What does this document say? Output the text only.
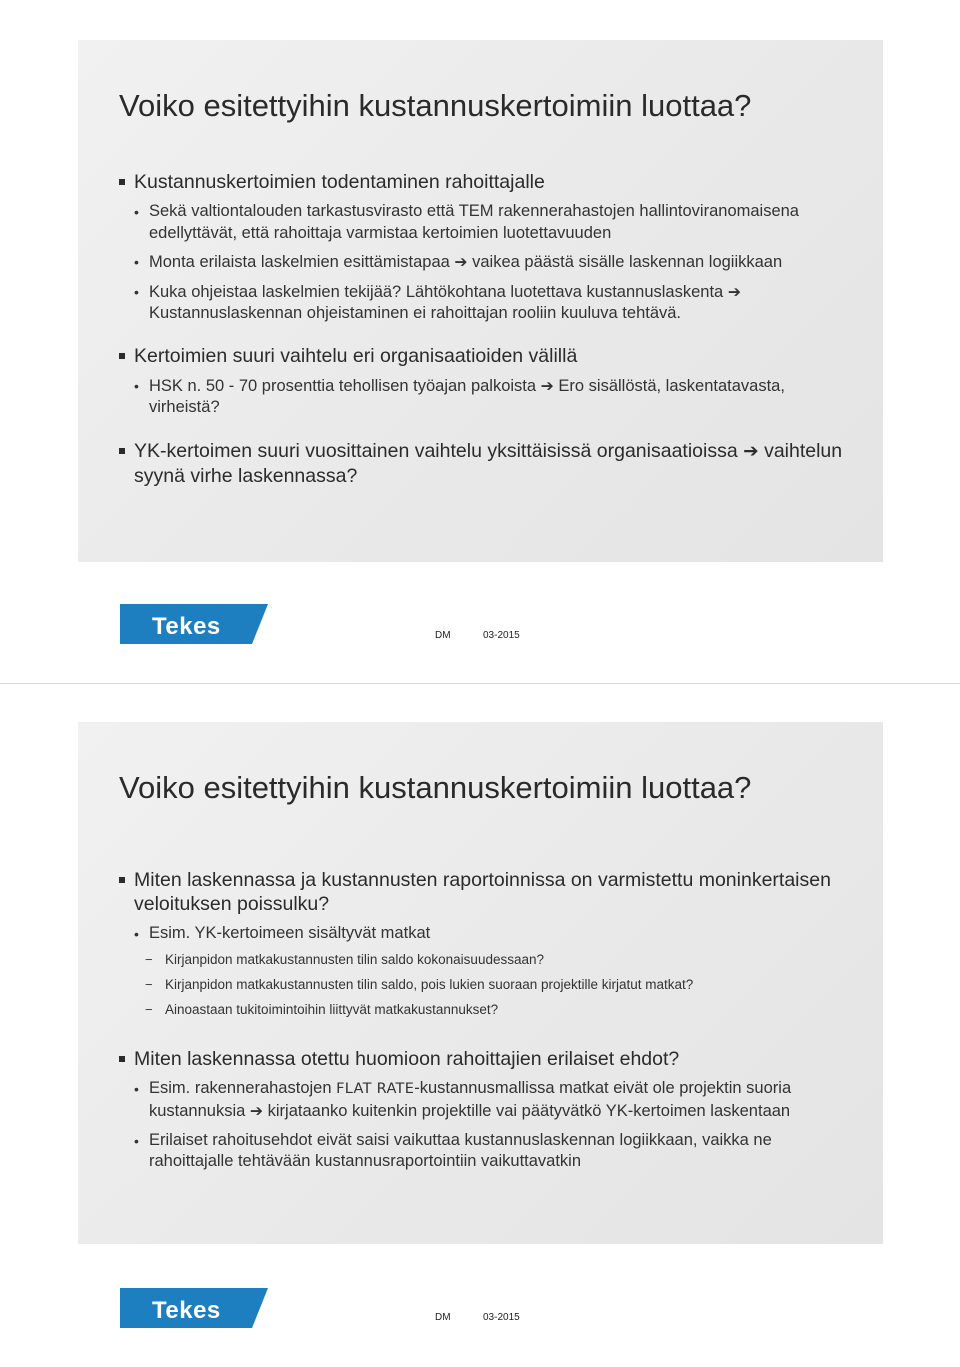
Voiko esitettyihin kustannuskertoimiin luottaa?
Kustannuskertoimien todentaminen rahoittajalle
• Sekä valtiontalouden tarkastusvirasto että TEM rakennerahastojen hallintoviranomaisena edellyttävät, että rahoittaja varmistaa kertoimien luotettavuuden
• Monta erilaista laskelmien esittämistapaa ➔ vaikea päästä sisälle laskennan logiikkaan
• Kuka ohjeistaa laskelmien tekijää? Lähtökohtana luotettava kustannuslaskenta ➔ Kustannuslaskennan ohjeistaminen ei rahoittajan rooliin kuuluva tehtävä.
Kertoimien suuri vaihtelu eri organisaatioiden välillä
• HSK n. 50 - 70 prosenttia tehollisen työajan palkoista ➔ Ero sisällöstä, laskentatavasta, virheistä?
YK-kertoimen suuri vuosittainen vaihtelu yksittäisissä organisaatioissa ➔ vaihtelun syynä virhe laskennassa?
Tekes	DM	03-2015
Voiko esitettyihin kustannuskertoimiin luottaa?
Miten laskennassa ja kustannusten raportoinnissa on varmistettu moninkertaisen veloituksen poissulku?
• Esim. YK-kertoimeen sisältyvät matkat
− Kirjanpidon matkakustannusten tilin saldo kokonaisuudessaan?
− Kirjanpidon matkakustannusten tilin saldo, pois lukien suoraan projektille kirjatut matkat?
− Ainoastaan tukitoimintoihin liittyvät matkakustannukset?
Miten laskennassa otettu huomioon rahoittajien erilaiset ehdot?
• Esim. rakennerahastojen FLAT RATE-kustannusmallissa matkat eivät ole projektin suoria kustannuksia ➔ kirjataanko kuitenkin projektille vai päätyvätkö YK-kertoimen laskentaan
• Erilaiset rahoitusehdot eivät saisi vaikuttaa kustannuslaskennan logiikkaan, vaikka ne rahoittajalle tehtävään kustannusraportointiin vaikuttavatkin
Tekes	DM	03-2015
